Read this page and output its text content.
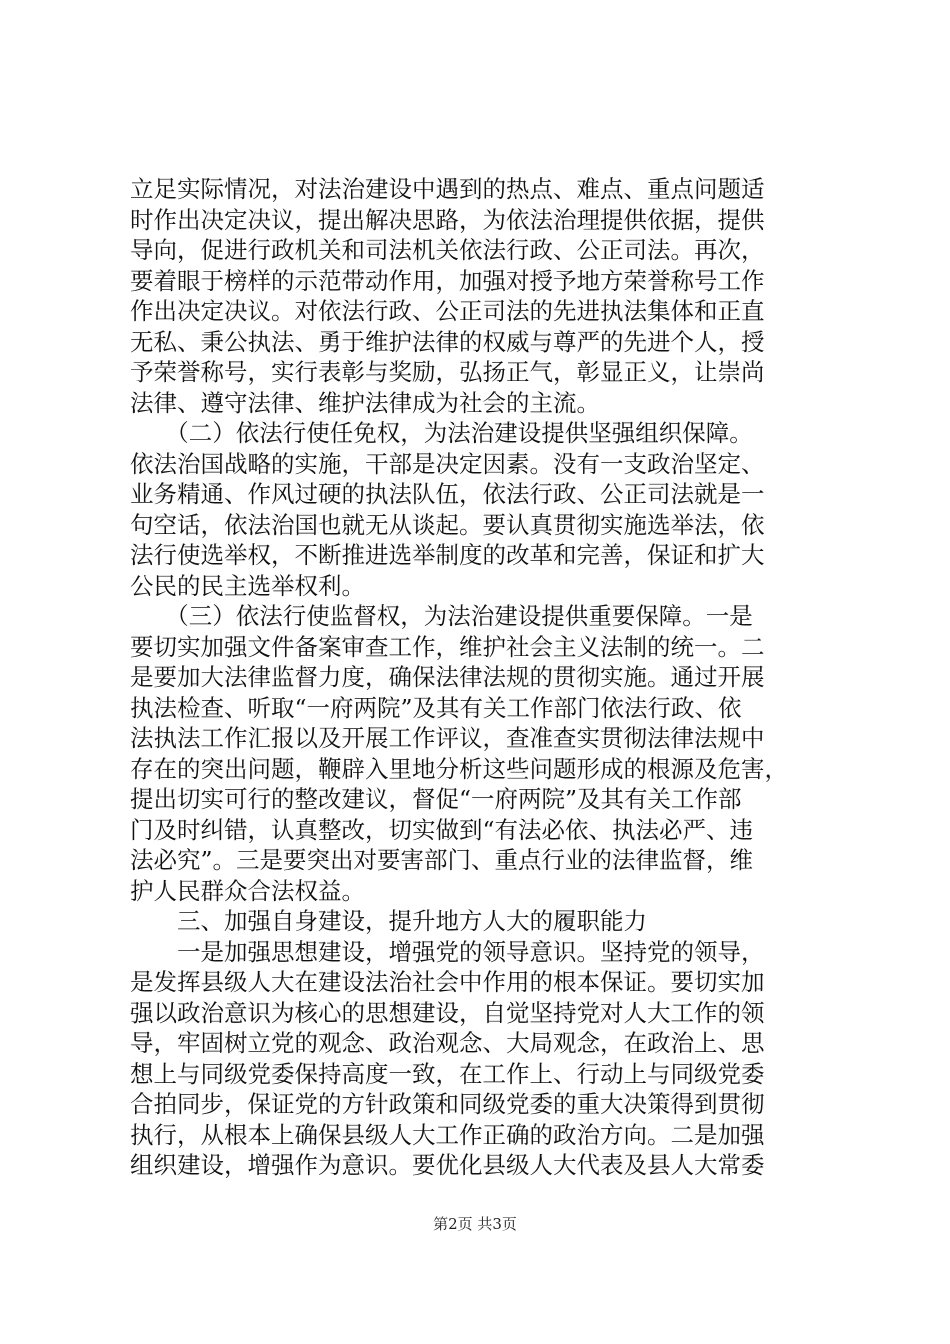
立足实际情况，对法治建设中遇到的热点、难点、重点问题适
时作出决定决议，提出解决思路，为依法治理提供依据，提供
导向，促进行政机关和司法机关依法行政、公正司法。再次，
要着眼于榜样的示范带动作用，加强对授予地方荣誉称号工作
作出决定决议。对依法行政、公正司法的先进执法集体和正直
无私、秉公执法、勇于维护法律的权威与尊严的先进个人，授
予荣誉称号，实行表彰与奖励，弘扬正气，彰显正义，让崇尚
法律、遵守法律、维护法律成为社会的主流。
　　（二）依法行使任免权，为法治建设提供坚强组织保障。
依法治国战略的实施，干部是决定因素。没有一支政治坚定、
业务精通、作风过硬的执法队伍，依法行政、公正司法就是一
句空话，依法治国也就无从谈起。要认真贯彻实施选举法，依
法行使选举权，不断推进选举制度的改革和完善，保证和扩大
公民的民主选举权利。
　　（三）依法行使监督权，为法治建设提供重要保障。一是
要切实加强文件备案审查工作，维护社会主义法制的统一。二
是要加大法律监督力度，确保法律法规的贯彻实施。通过开展
执法检查、听取“一府两院”及其有关工作部门依法行政、依
法执法工作汇报以及开展工作评议，查准查实贯彻法律法规中
存在的突出问题，鞭辟入里地分析这些问题形成的根源及危害，
提出切实可行的整改建议，督促“一府两院”及其有关工作部
门及时纠错，认真整改，切实做到“有法必依、执法必严、违
法必究”。三是要突出对要害部门、重点行业的法律监督，维
护人民群众合法权益。
　　三、加强自身建设，提升地方人大的履职能力
　　一是加强思想建设，增强党的领导意识。坚持党的领导，
是发挥县级人大在建设法治社会中作用的根本保证。要切实加
强以政治意识为核心的思想建设，自觉坚持党对人大工作的领
导，牢固树立党的观念、政治观念、大局观念，在政治上、思
想上与同级党委保持高度一致，在工作上、行动上与同级党委
合拍同步，保证党的方针政策和同级党委的重大决策得到贯彻
执行，从根本上确保县级人大工作正确的政治方向。二是加强
组织建设，增强作为意识。要优化县级人大代表及县人大常委
第2页 共3页
